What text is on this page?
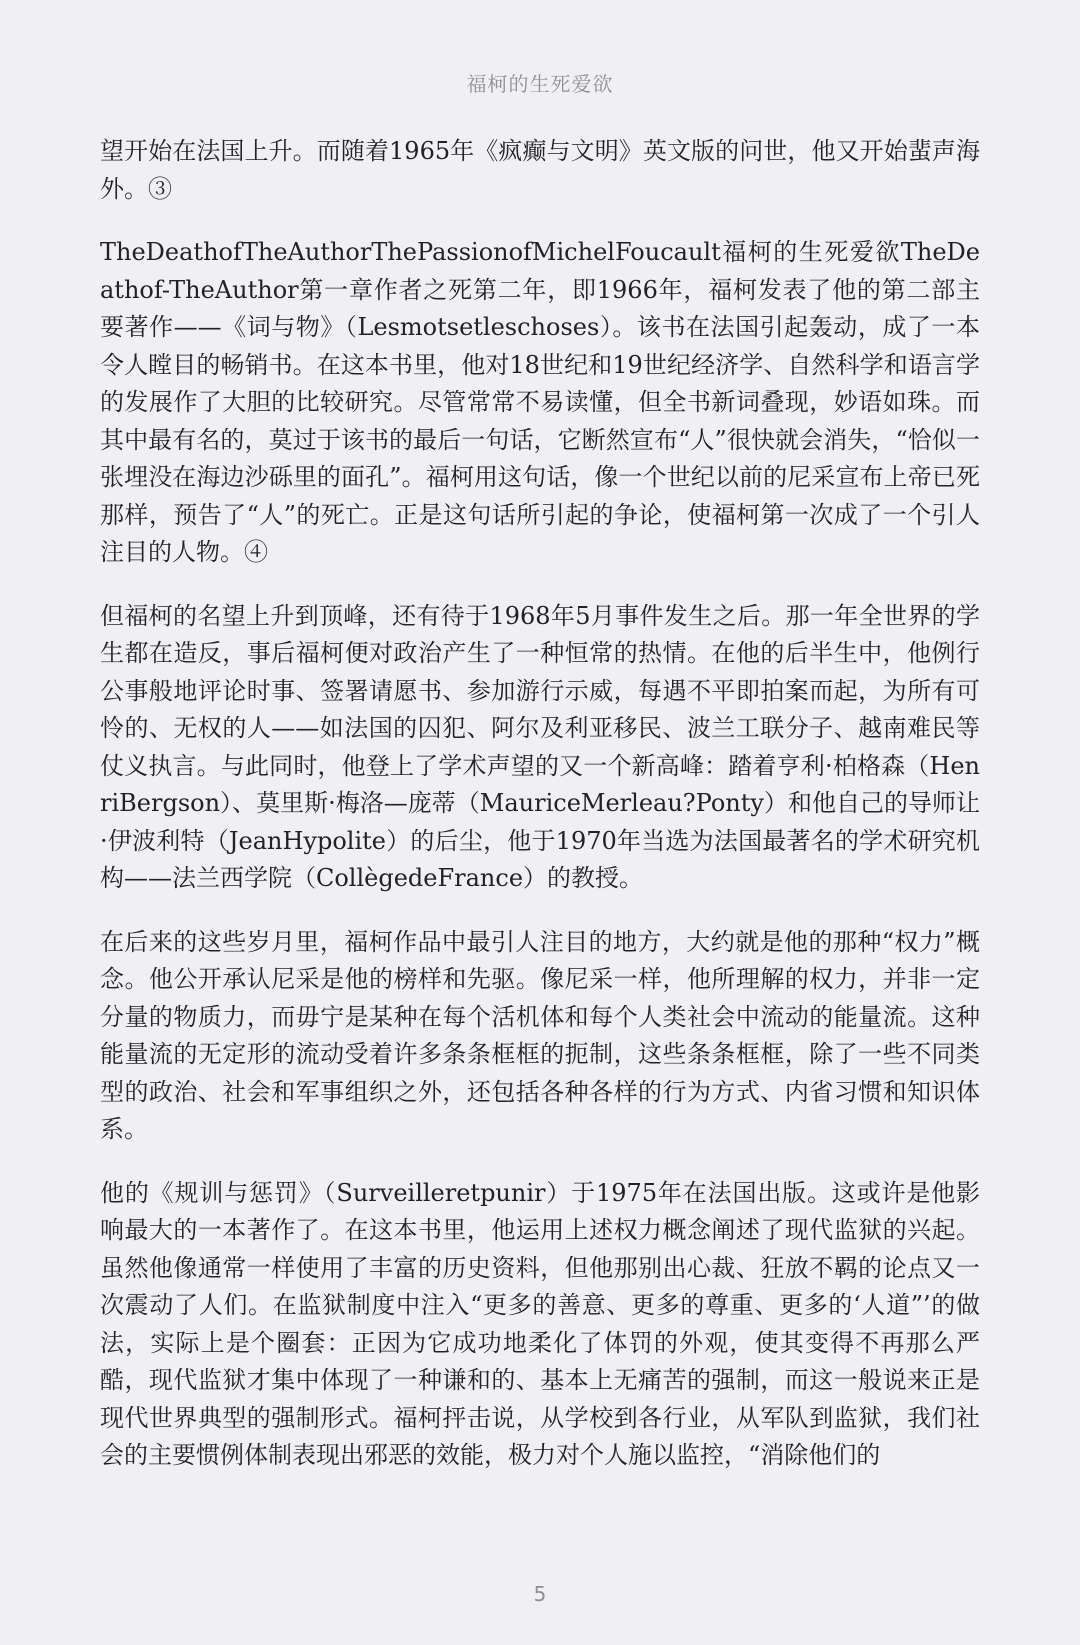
福柯的生死爱欲

望开始在法国上升。而随着1965年《疯癫与文明》英文版的问世，他又开始蜚声海外。③

TheDeathofTheAuthorThePassionofMichelFoucault福柯的生死爱欲TheDeathof-TheAuthor第一章作者之死第二年，即1966年，福柯发表了他的第二部主要著作——《词与物》（Lesmotsetleschoses）。该书在法国引起轰动，成了一本令人瞠目的畅销书。在这本书里，他对18世纪和19世纪经济学、自然科学和语言学的发展作了大胆的比较研究。尽管常常不易读懂，但全书新词叠现，妙语如珠。而其中最有名的，莫过于该书的最后一句话，它断然宣布“人”很快就会消失，“恰似一张埋没在海边沙砾里的面孔”。福柯用这句话，像一个世纪以前的尼采宣布上帝已死那样，预告了“人”的死亡。正是这句话所引起的争论，使福柯第一次成了一个引人注目的人物。④

但福柯的名望上升到顶峰，还有待于1968年5月事件发生之后。那一年全世界的学生都在造反，事后福柯便对政治产生了一种恒常的热情。在他的后半生中，他例行公事般地评论时事、签署请愿书、参加游行示威，每遇不平即拍案而起，为所有可怜的、无权的人——如法国的囚犯、阿尔及利亚移民、波兰工联分子、越南难民等仗义执言。与此同时，他登上了学术声望的又一个新高峰：踏着亨利·柏格森（HenriBergson）、莫里斯·梅洛—庞蒂（MauriceMerleau?Ponty）和他自己的导师让·伊波利特（JeanHypolite）的后尘，他于1970年当选为法国最著名的学术研究机构——法兰西学院（CollègedeFrance）的教授。

在后来的这些岁月里，福柯作品中最引人注目的地方，大约就是他的那种“权力”概念。他公开承认尼采是他的榜样和先驱。像尼采一样，他所理解的权力，并非一定分量的物质力，而毋宁是某种在每个活机体和每个人类社会中流动的能量流。这种能量流的无定形的流动受着许多条条框框的扼制，这些条条框框，除了一些不同类型的政治、社会和军事组织之外，还包括各种各样的行为方式、内省习惯和知识体系。

他的《规训与惩罚》（Surveilleretpunir）于1975年在法国出版。这或许是他影响最大的一本著作了。在这本书里，他运用上述权力概念阐述了现代监狱的兴起。虽然他像通常一样使用了丰富的历史资料，但他那别出心裁、狂放不羁的论点又一次震动了人们。在监狱制度中注入“更多的善意、更多的尊重、更多的‘人道”’的做法，实际上是个圈套：正因为它成功地柔化了体罚的外观，使其变得不再那么严酷，现代监狱才集中体现了一种谦和的、基本上无痛苦的强制，而这一般说来正是现代世界典型的强制形式。福柯抨击说，从学校到各行业，从军队到监狱，我们社会的主要惯例体制表现出邪恶的效能，极力对个人施以监控，“消除他们的

5
